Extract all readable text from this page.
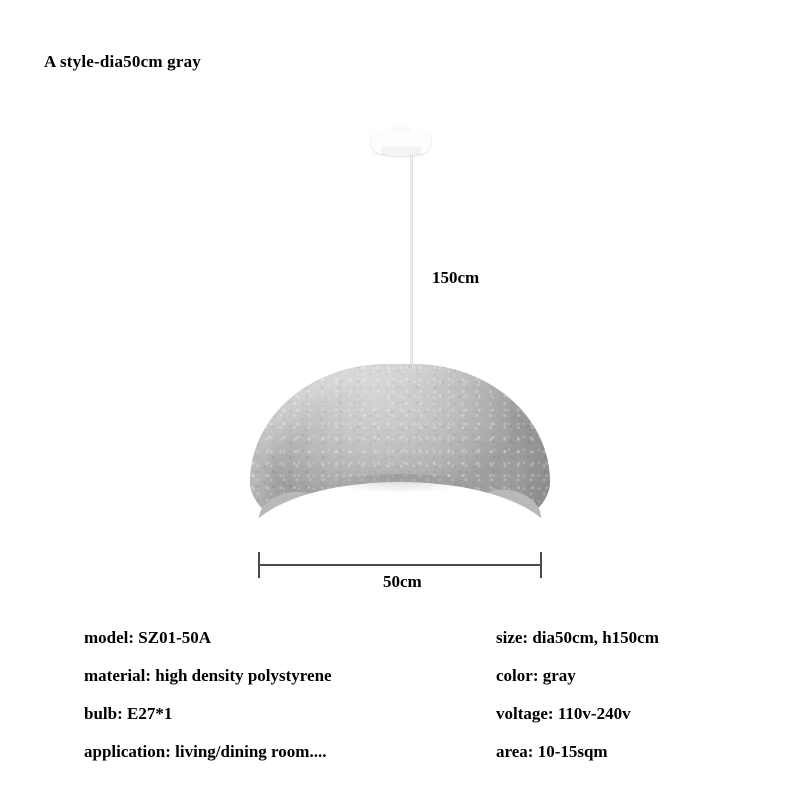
A style-dia50cm gray
150cm
50cm
model: SZ01-50A	size: dia50cm, h150cm
material: high density polystyrene	color: gray
bulb: E27*1	voltage: 110v-240v
application: living/dining room....	area: 10-15sqm
